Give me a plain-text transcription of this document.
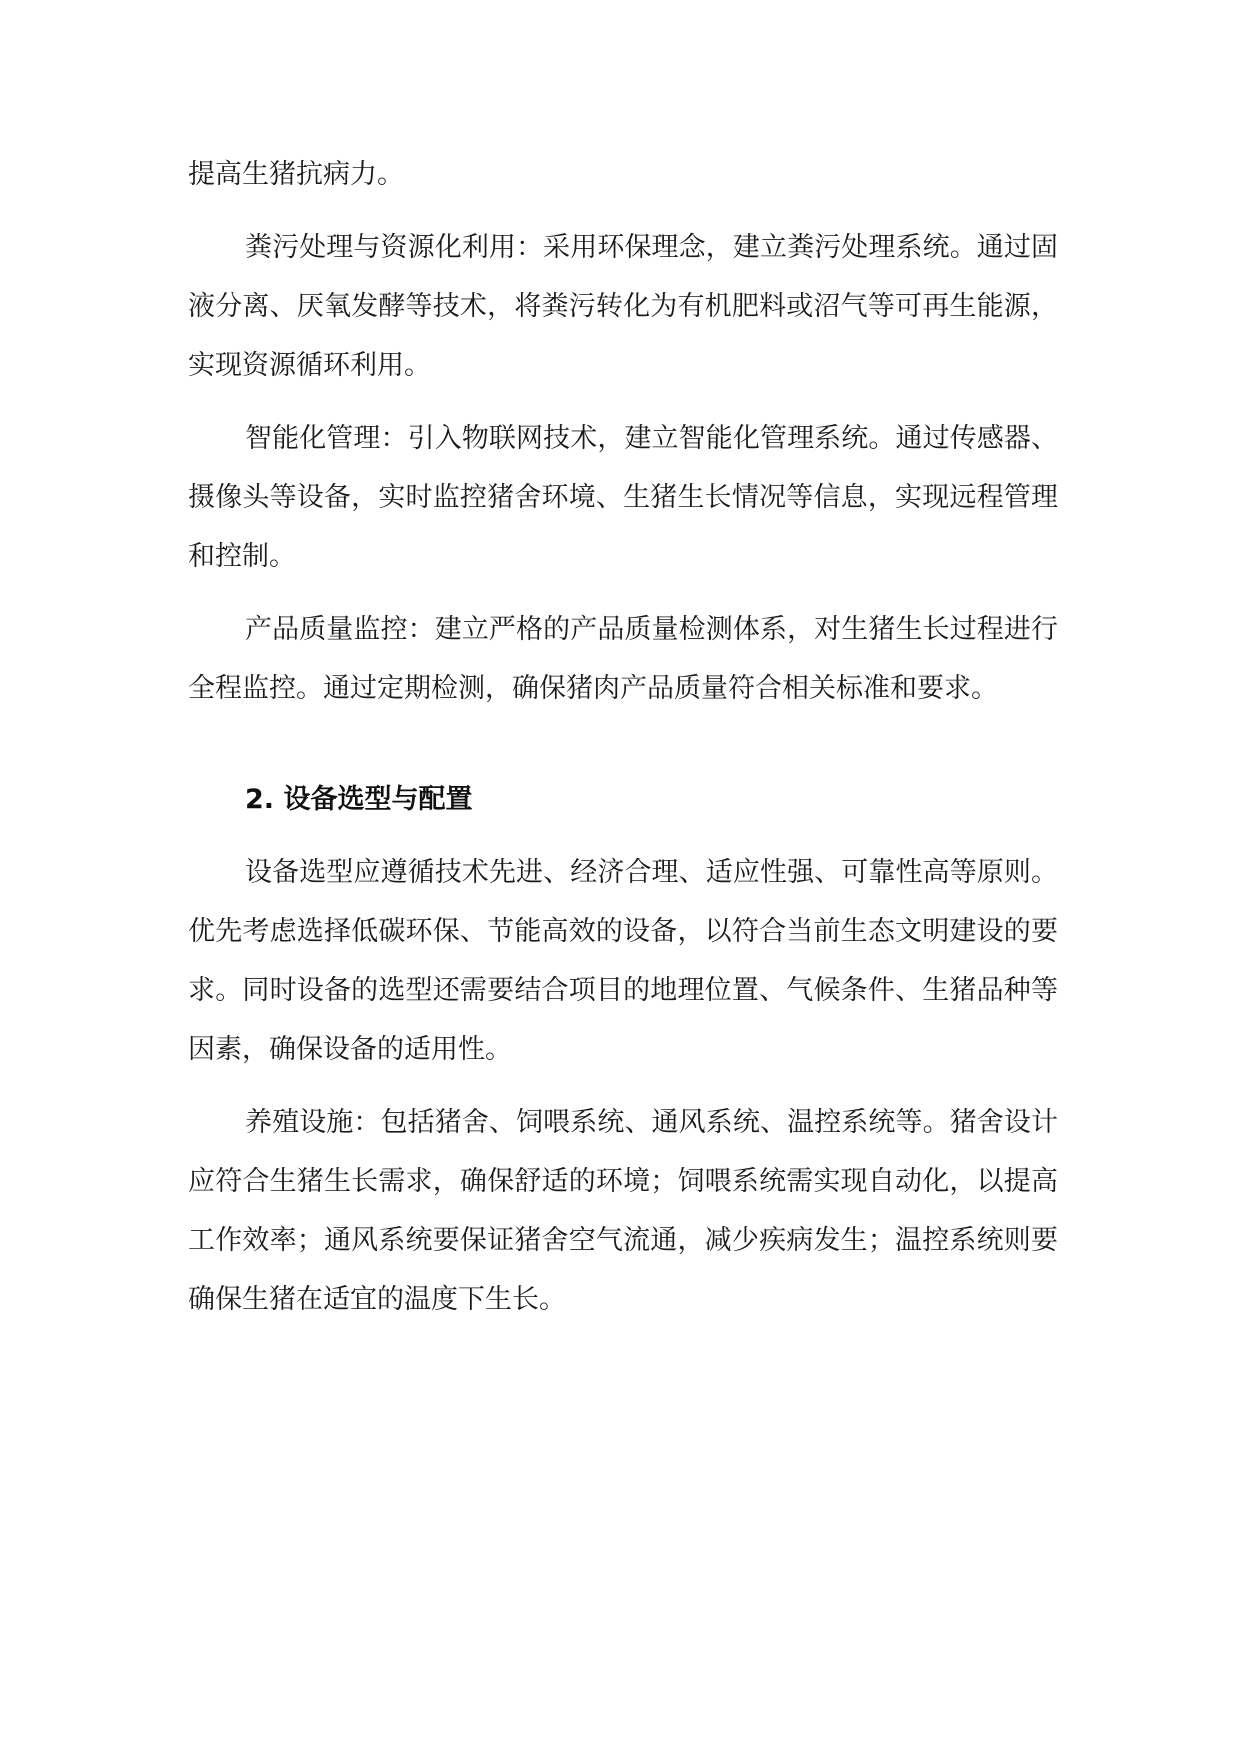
提高生猪抗病力。

粪污处理与资源化利用：采用环保理念，建立粪污处理系统。通过固液分离、厌氧发酵等技术，将粪污转化为有机肥料或沼气等可再生能源，实现资源循环利用。

智能化管理：引入物联网技术，建立智能化管理系统。通过传感器、摄像头等设备，实时监控猪舍环境、生猪生长情况等信息，实现远程管理和控制。

产品质量监控：建立严格的产品质量检测体系，对生猪生长过程进行全程监控。通过定期检测，确保猪肉产品质量符合相关标准和要求。

2. 设备选型与配置

设备选型应遵循技术先进、经济合理、适应性强、可靠性高等原则。优先考虑选择低碳环保、节能高效的设备，以符合当前生态文明建设的要求。同时设备的选型还需要结合项目的地理位置、气候条件、生猪品种等因素，确保设备的适用性。

养殖设施：包括猪舍、饲喂系统、通风系统、温控系统等。猪舍设计应符合生猪生长需求，确保舒适的环境；饲喂系统需实现自动化，以提高工作效率；通风系统要保证猪舍空气流通，减少疾病发生；温控系统则要确保生猪在适宜的温度下生长。
